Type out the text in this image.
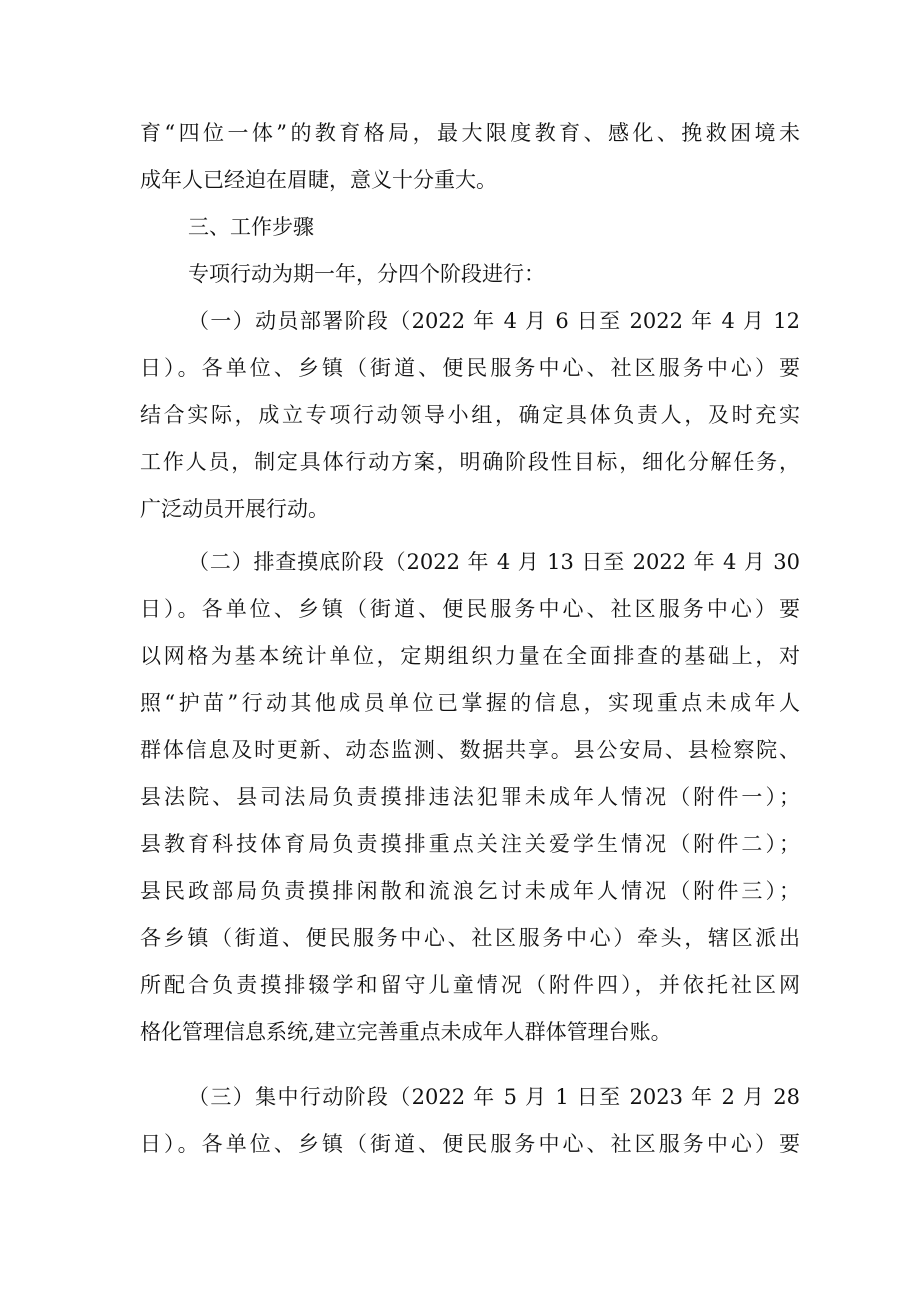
育“四位一体”的教育格局，最大限度教育、感化、挽救困境未
成年人已经迫在眉睫，意义十分重大。
三、工作步骤
专项行动为期一年，分四个阶段进行：
（一）动员部署阶段（2022 年 4 月 6 日至 2022 年 4 月 12
日）。各单位、乡镇（街道、便民服务中心、社区服务中心）要
结合实际，成立专项行动领导小组，确定具体负责人，及时充实
工作人员，制定具体行动方案，明确阶段性目标，细化分解任务，
广泛动员开展行动。
（二）排查摸底阶段（2022 年 4 月 13 日至 2022 年 4 月 30
日）。各单位、乡镇（街道、便民服务中心、社区服务中心）要
以网格为基本统计单位，定期组织力量在全面排查的基础上，对
照“护苗”行动其他成员单位已掌握的信息，实现重点未成年人
群体信息及时更新、动态监测、数据共享。县公安局、县检察院、
县法院、县司法局负责摸排违法犯罪未成年人情况（附件一）；
县教育科技体育局负责摸排重点关注关爱学生情况（附件二）；
县民政部局负责摸排闲散和流浪乞讨未成年人情况（附件三）；
各乡镇（街道、便民服务中心、社区服务中心）牵头，辖区派出
所配合负责摸排辍学和留守儿童情况（附件四），并依托社区网
格化管理信息系统,建立完善重点未成年人群体管理台账。
（三）集中行动阶段（2022 年 5 月 1 日至 2023 年 2 月 28
日）。各单位、乡镇（街道、便民服务中心、社区服务中心）要
